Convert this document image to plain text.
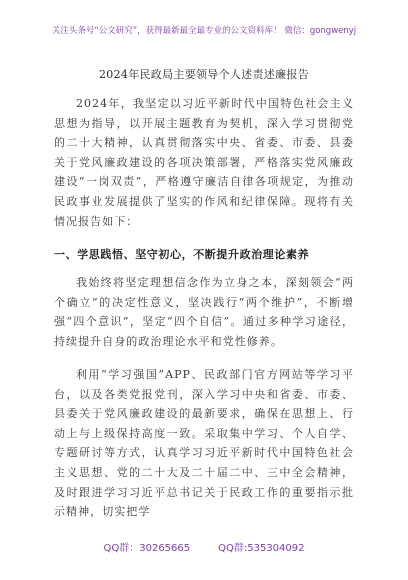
关注头条号“公文研究”，获得最新最全最专业的公文资料库！ 微信：gongwenyj
2024年民政局主要领导个人述责述廉报告
2024年，我坚定以习近平新时代中国特色社会主义思想为指导，以开展主题教育为契机，深入学习贯彻党的二十大精神，认真贯彻落实中央、省委、市委、县委关于党风廉政建设的各项决策部署，严格落实党风廉政建设“一岗双责”，严格遵守廉洁自律各项规定，为推动民政事业发展提供了坚实的作风和纪律保障。现将有关情况报告如下：
一、学思践悟、坚守初心，不断提升政治理论素养
我始终将坚定理想信念作为立身之本，深刻领会“两个确立”的决定性意义，坚决践行“两个维护”，不断增强“四个意识”，坚定“四个自信”。通过多种学习途径，持续提升自身的政治理论水平和党性修养。
利用“学习强国”APP、民政部门官方网站等学习平台，以及各类党报党刊，深入学习中央和省委、市委、县委关于党风廉政建设的最新要求，确保在思想上、行动上与上级保持高度一致。采取集中学习、个人自学、专题研讨等方式，认真学习习近平新时代中国特色社会主义思想、党的二十大及二十届二中、三中全会精神，及时跟进学习习近平总书记关于民政工作的重要指示批示精神，切实把学
QQ群：30265665	QQ群:535304092
